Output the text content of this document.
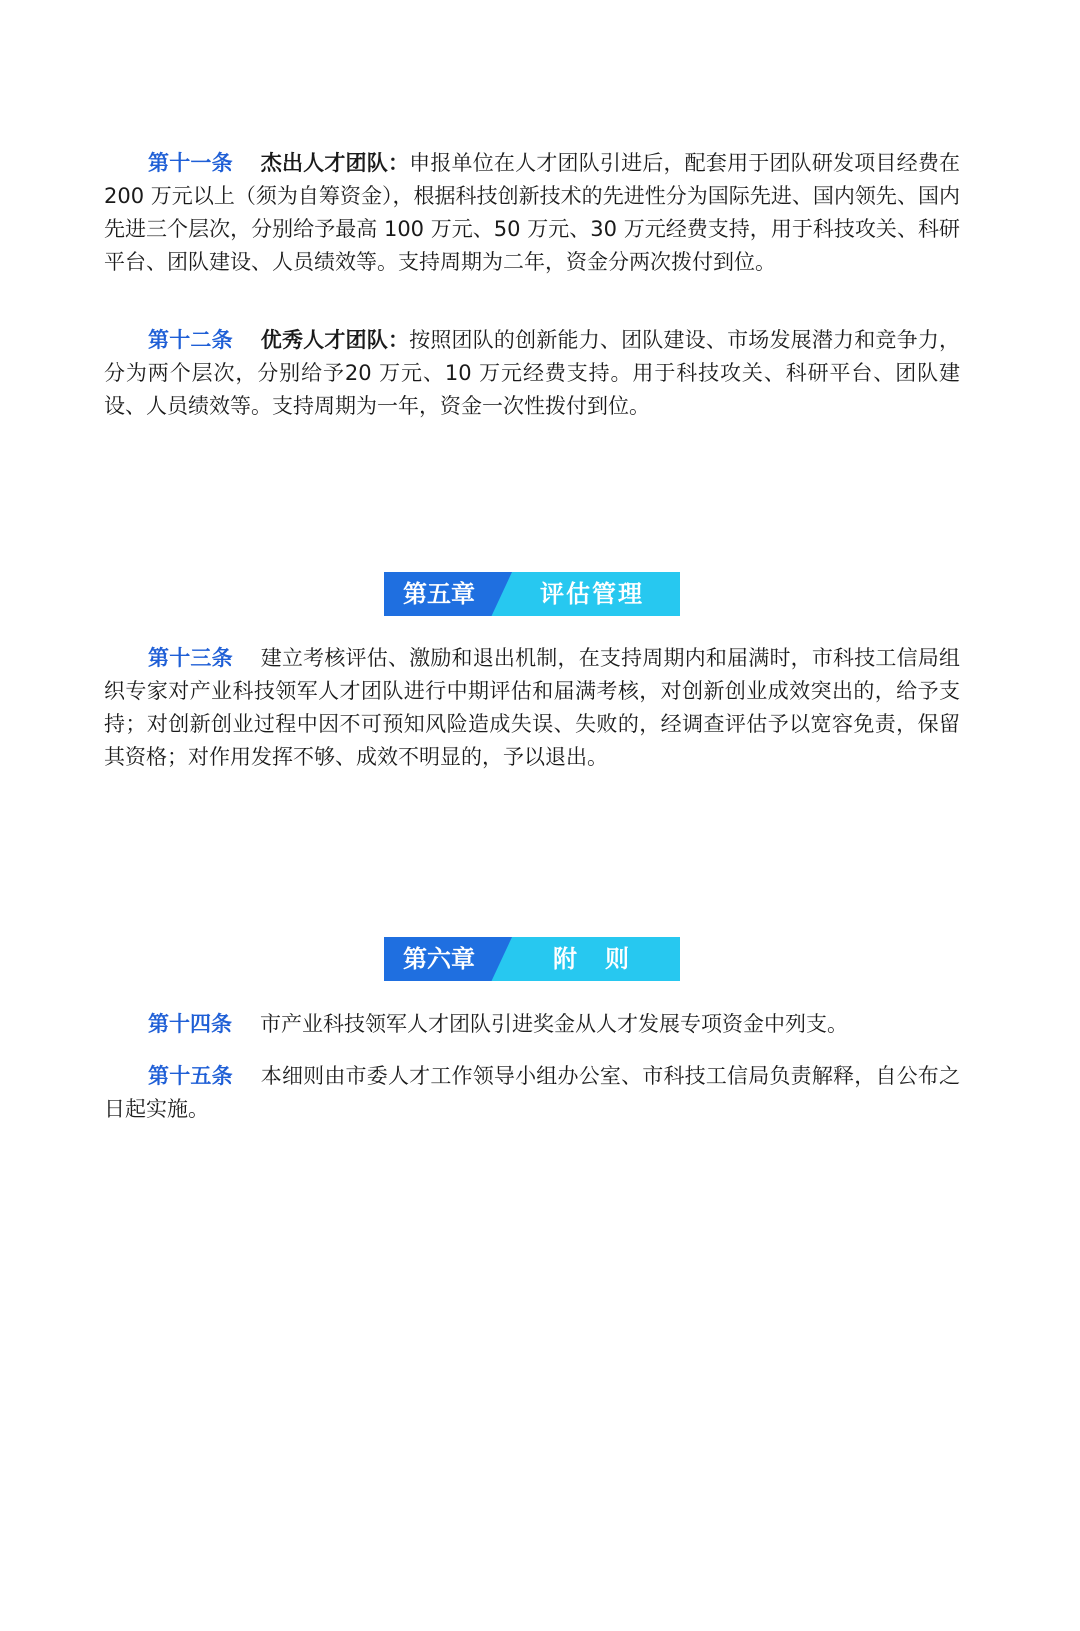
第十一条 杰出人才团队：申报单位在人才团队引进后，配套用于团队研发项目经费在 200 万元以上（须为自筹资金），根据科技创新技术的先进性分为国际先进、国内领先、国内先进三个层次，分别给予最高 100 万元、50 万元、30 万元经费支持，用于科技攻关、科研平台、团队建设、人员绩效等。支持周期为二年，资金分两次拨付到位。

第十二条 优秀人才团队：按照团队的创新能力、团队建设、市场发展潜力和竞争力，分为两个层次，分别给予20 万元、10 万元经费支持。用于科技攻关、科研平台、团队建设、人员绩效等。支持周期为一年，资金一次性拨付到位。

第五章	评估管理

第十三条 建立考核评估、激励和退出机制，在支持周期内和届满时，市科技工信局组织专家对产业科技领军人才团队进行中期评估和届满考核，对创新创业成效突出的，给予支持；对创新创业过程中因不可预知风险造成失误、失败的，经调查评估予以宽容免责，保留其资格；对作用发挥不够、成效不明显的，予以退出。

第六章	附　则

第十四条 市产业科技领军人才团队引进奖金从人才发展专项资金中列支。

第十五条 本细则由市委人才工作领导小组办公室、市科技工信局负责解释，自公布之日起实施。
